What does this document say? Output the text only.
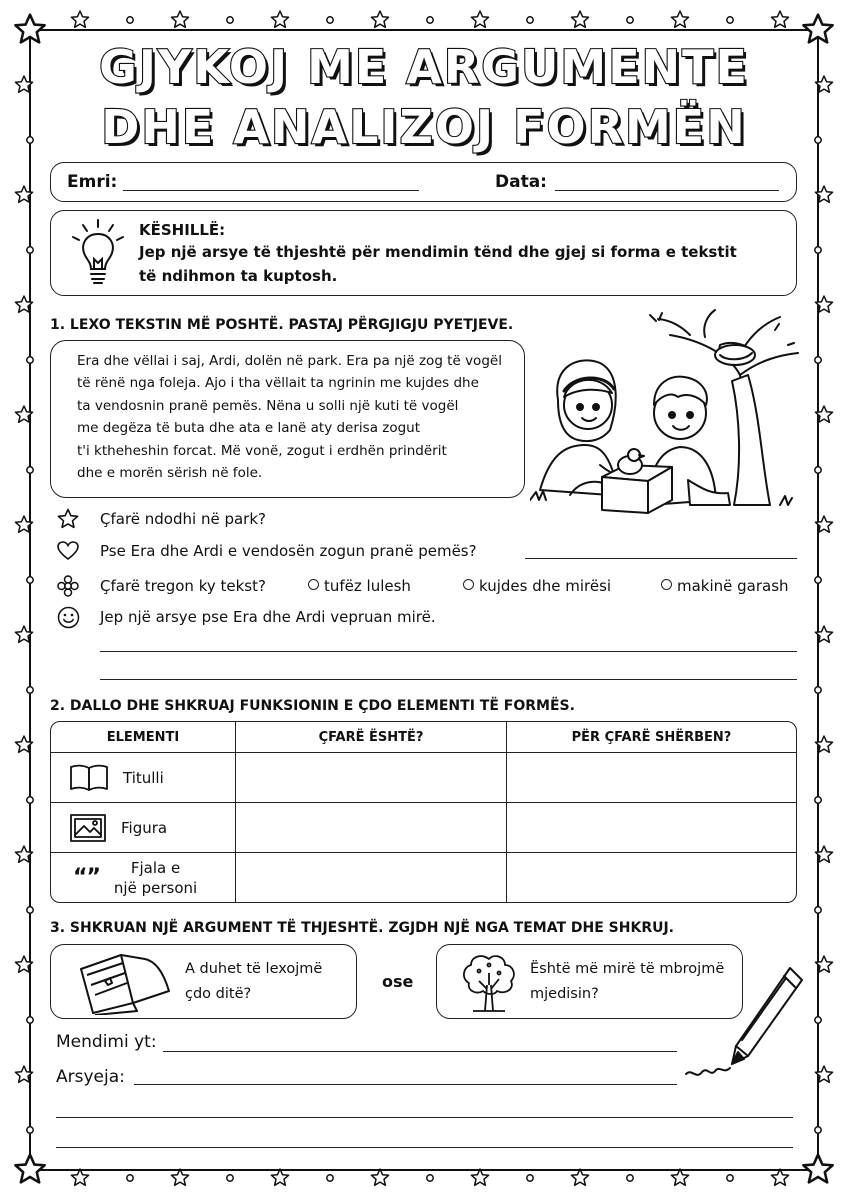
GJYKOJ ME ARGUMENTE
DHE ANALIZOJ FORMËN
Emri:	Data:
KËSHILLË:
Jep një arsye të thjeshtë për mendimin tënd dhe gjej si forma e tekstit
të ndihmon ta kuptosh.
1. LEXO TEKSTIN MË POSHTË. PASTAJ PËRGJIGJU PYETJEVE.
Era dhe vëllai i saj, Ardi, dolën në park. Era pa një zog të vogël
të rënë nga foleja. Ajo i tha vëllait ta ngrinin me kujdes dhe
ta vendosnin pranë pemës. Nëna u solli një kuti të vogël
me degëza të buta dhe ata e lanë aty derisa zogut
t'i ktheheshin forcat. Më vonë, zogut i erdhën prindërit
dhe e morën sërish në fole.
Çfarë ndodhi në park?
Pse Era dhe Ardi e vendosën zogun pranë pemës?
Çfarë tregon ky tekst?	tufëz lulesh	kujdes dhe mirësi	makinë garash
Jep një arsye pse Era dhe Ardi vepruan mirë.
2. DALLO DHE SHKRUAJ FUNKSIONIN E ÇDO ELEMENTI TË FORMËS.
ELEMENTI	ÇFARË ËSHTË?	PËR ÇFARË SHËRBEN?

Titulli		

Figura		

“” Fjala e
një personi		

3. SHKRUAN NJË ARGUMENT TË THJESHTË. ZGJDH NJË NGA TEMAT DHE SHKRUJ.
A duhet të lexojmë
çdo ditë?
ose
Është më mirë të mbrojmë
mjedisin?
Mendimi yt:
Arsyeja:
